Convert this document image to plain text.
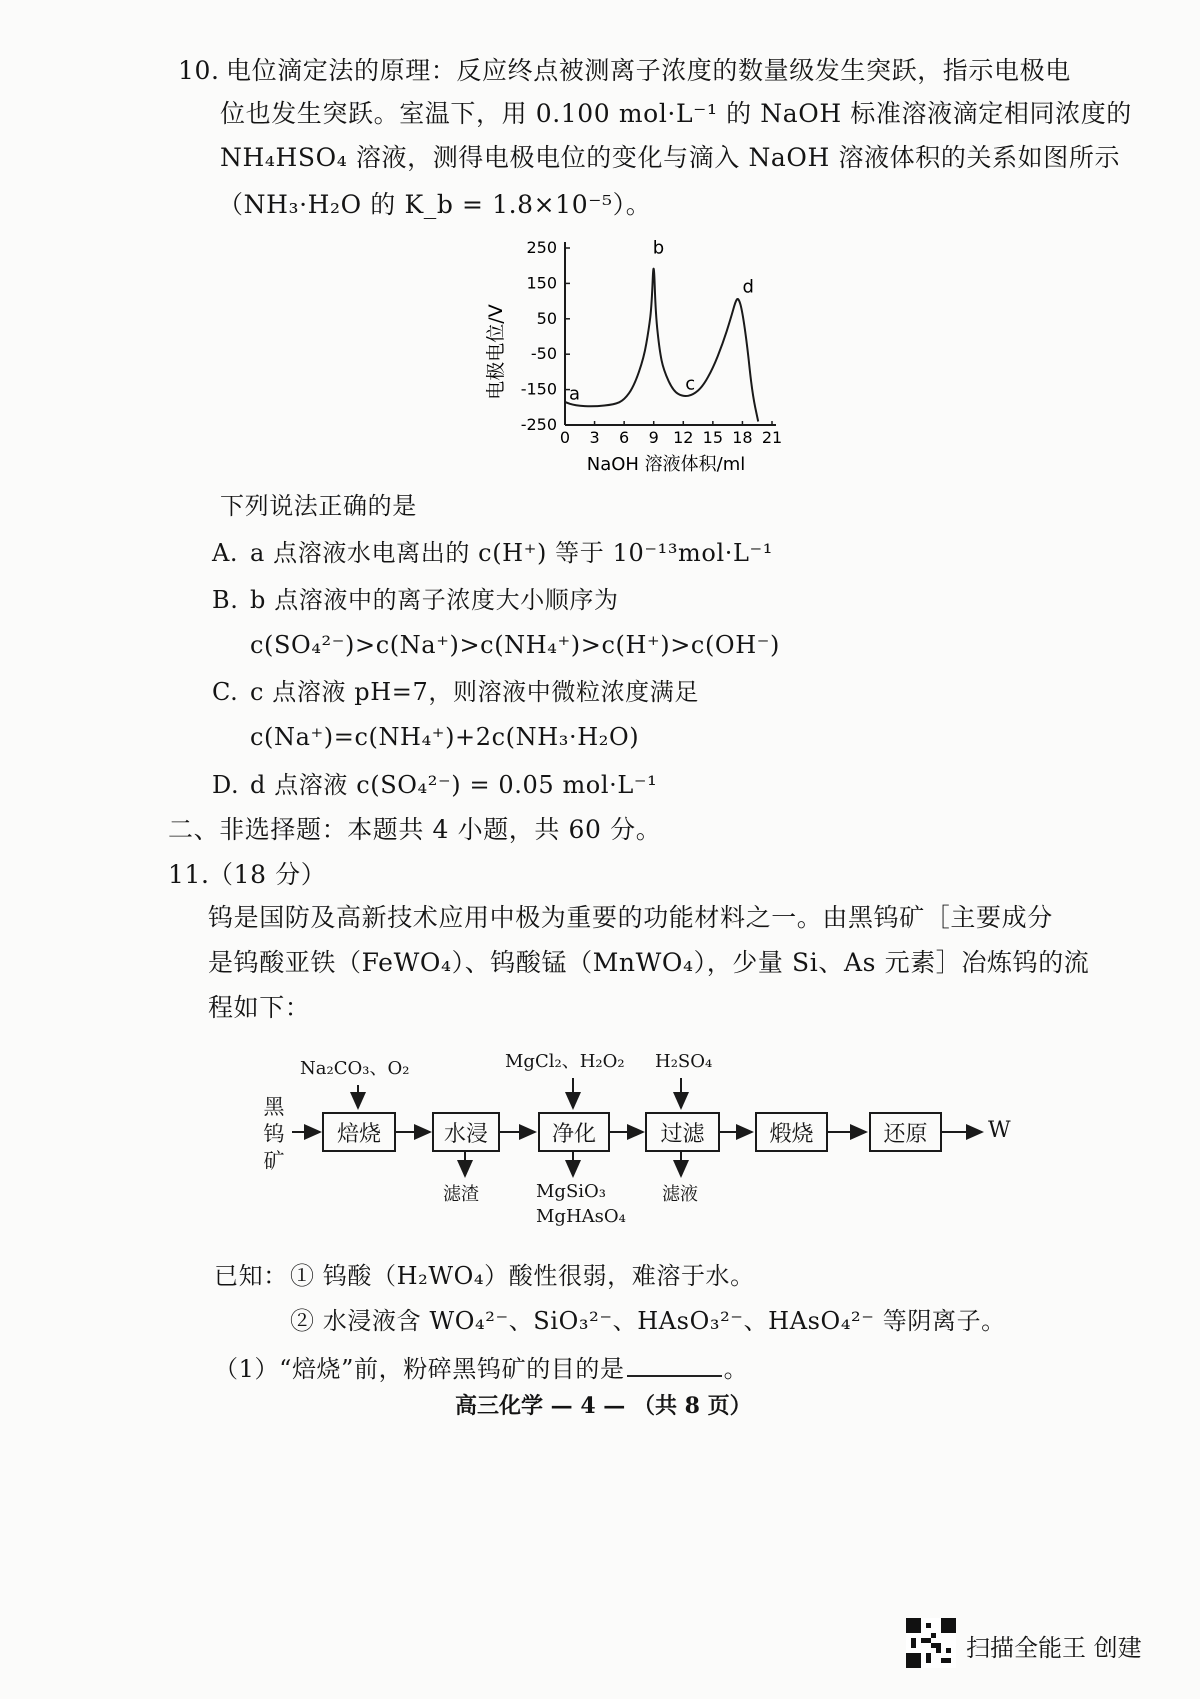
10. 电位滴定法的原理：反应终点被测离子浓度的数量级发生突跃，指示电极电
位也发生突跃。室温下，用 0.100 mol·L⁻¹ 的 NaOH 标准溶液滴定相同浓度的
NH₄HSO₄ 溶液，测得电极电位的变化与滴入 NaOH 溶液体积的关系如图所示
（NH₃·H₂O 的 K_b = 1.8×10⁻⁵）。
电极电位/V
NaOH 溶液体积/ml
250
150
50
-50
-150
-250
0 3 6 9 12 15 18 21
a
b
c
d
下列说法正确的是
A. a 点溶液水电离出的 c(H⁺) 等于 10⁻¹³mol·L⁻¹
B. b 点溶液中的离子浓度大小顺序为
c(SO₄²⁻)>c(Na⁺)>c(NH₄⁺)>c(H⁺)>c(OH⁻)
C. c 点溶液 pH=7，则溶液中微粒浓度满足
c(Na⁺)=c(NH₄⁺)+2c(NH₃·H₂O)
D. d 点溶液 c(SO₄²⁻) = 0.05 mol·L⁻¹
二、非选择题：本题共 4 小题，共 60 分。
11.
（18 分）
钨是国防及高新技术应用中极为重要的功能材料之一。由黑钨矿［主要成分
是钨酸亚铁（FeWO₄）、钨酸锰（MnWO₄），少量 Si、As 元素］冶炼钨的流
程如下：
黑钨矿
焙烧	水浸	净化	过滤	煅烧	还原	W
Na₂CO₃、O₂	MgCl₂、H₂O₂ H₂SO₄
滤渣	MgSiO₃
MgHAsO₄
滤液
已知： ① 钨酸（H₂WO₄）酸性很弱，难溶于水。
② 水浸液含 WO₄²⁻、SiO₃²⁻、HAsO₃²⁻、HAsO₄²⁻ 等阴离子。
（1）“焙烧”前，粉碎黑钨矿的目的是	。
高三化学 — 4 — （共 8 页）
扫描全能王 创建
